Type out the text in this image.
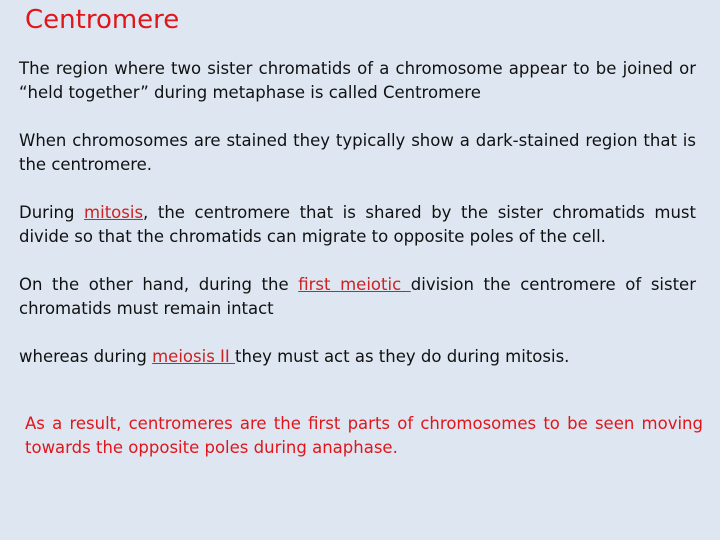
Centromere

The region where two sister chromatids of a chromosome appear to be joined or “held together” during metaphase is called Centromere

When chromosomes are stained they typically show a dark-stained region that is the centromere.

During mitosis, the centromere that is shared by the sister chromatids must divide so that the chromatids can migrate to opposite poles of the cell.

On the other hand, during the first meiotic division the centromere of sister chromatids must remain intact

whereas during meiosis II they must act as they do during mitosis.

As a result, centromeres are the first parts of chromosomes to be seen moving towards the opposite poles during anaphase.
